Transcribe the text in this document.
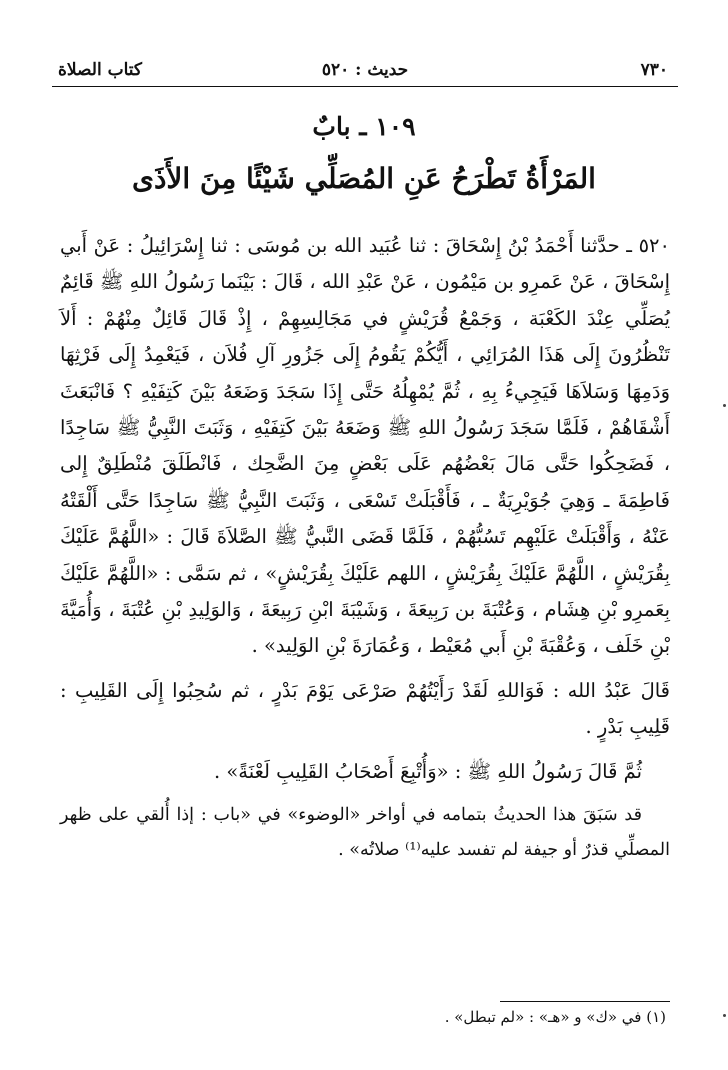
٧٣٠
حديث : ٥٢٠
كتاب الصلاة
١٠٩ ـ بابٌ
المَرْأَةُ تَطْرَحُ عَنِ المُصَلِّي شَيْئًا مِنَ الأَذَى

٥٢٠ ـ حدَّثنا أَحْمَدُ بْنُ إِسْحَاقَ : ثنا عُبَيد الله بن مُوسَى : ثنا إِسْرَائِيلُ : عَنْ أَبي إِسْحَاقَ ، عَنْ عَمرِو بن مَيْمُون ، عَنْ عَبْدِ الله ، قَالَ : بَيْنَما رَسُولُ اللهِ ﷺ قَائِمٌ يُصَلِّي عِنْدَ الكَعْبَة ، وَجَمْعُ قُرَيْشٍ في مَجَالِسِهِمْ ، إِذْ قَالَ قَائِلٌ مِنْهُمْ : أَلاَ تَنْظُرُونَ إِلَى هَذَا المُرَائِي ، أَيُّكُمْ يَقُومُ إِلَى جَزُورِ آلِ فُلاَن ، فَيَعْمِدُ إِلَى فَرْثِهَا وَدَمِهَا وَسَلاَهَا فَيَجِيءُ بِهِ ، ثُمَّ يُمْهِلُهُ حَتَّى إِذَا سَجَدَ وَضَعَهُ بَيْنَ كَتِفَيْهِ ؟ فَانْبَعَثَ أَشْقَاهُمْ ، فَلَمَّا سَجَدَ رَسُولُ اللهِ ﷺ وَضَعَهُ بَيْنَ كَتِفَيْهِ ، وَثَبَتَ النَّبِيُّ ﷺ سَاجِدًا ، فَضَحِكُوا حَتَّى مَالَ بَعْضُهُم عَلَى بَعْضٍ مِنَ الضَّحِك ، فَانْطَلَقَ مُنْطَلِقٌ إِلى فَاطِمَةَ ـ وَهِيَ جُوَيْرِيَةٌ ـ ، فَأَقْبَلَتْ تَسْعَى ، وَثَبَتَ النَّبِيُّ ﷺ سَاجِدًا حَتَّى أَلْقَتْهُ عَنْهُ ، وَأَقْبَلَتْ عَلَيْهِم تَسُبُّهُمْ ، فَلَمَّا قَضَى النَّبيُّ ﷺ الصَّلاَةَ قَالَ : «اللَّهُمَّ عَلَيْكَ بِقُرَيْشٍ ، اللَّهُمَّ عَلَيْكَ بِقُرَيْشٍ ، اللهم عَلَيْكَ بِقُرَيْشٍ» ، ثم سَمَّى : «اللَّهُمَّ عَلَيْكَ بِعَمرِو بْنِ هِشَام ، وَعُتْبَةَ بن رَبِيعَةَ ، وَشَيْبَةَ ابْنِ رَبِيعَةَ ، وَالوَلِيدِ بْنِ عُتْبَةَ ، وَأُمَيَّةَ بْنِ خَلَف ، وَعُقْبَةَ بْنِ أَبي مُعَيْط ، وَعُمَارَةَ بْنِ الوَلِيد» .

قَالَ عَبْدُ الله : فَوَاللهِ لَقَدْ رَأَيْتُهُمْ صَرْعَى يَوْمَ بَدْرٍ ، ثم سُحِبُوا إِلَى القَلِيبِ : قَلِيبِ بَدْرٍ .

ثُمَّ قَالَ رَسُولُ اللهِ ﷺ : «وَأُتْبِعَ أَصْحَابُ القَلِيبِ لَعْنَةً» .

قد سَبَقَ هذا الحديثُ بتمامه في أواخر «الوضوء» في «باب : إذا أُلقي على ظهر المصلِّي قذرٌ أو جيفة لم تفسد عليه⁽¹⁾ صلاتُه» .

(١) في «ك» و «هـ» : «لم تبطل» .
